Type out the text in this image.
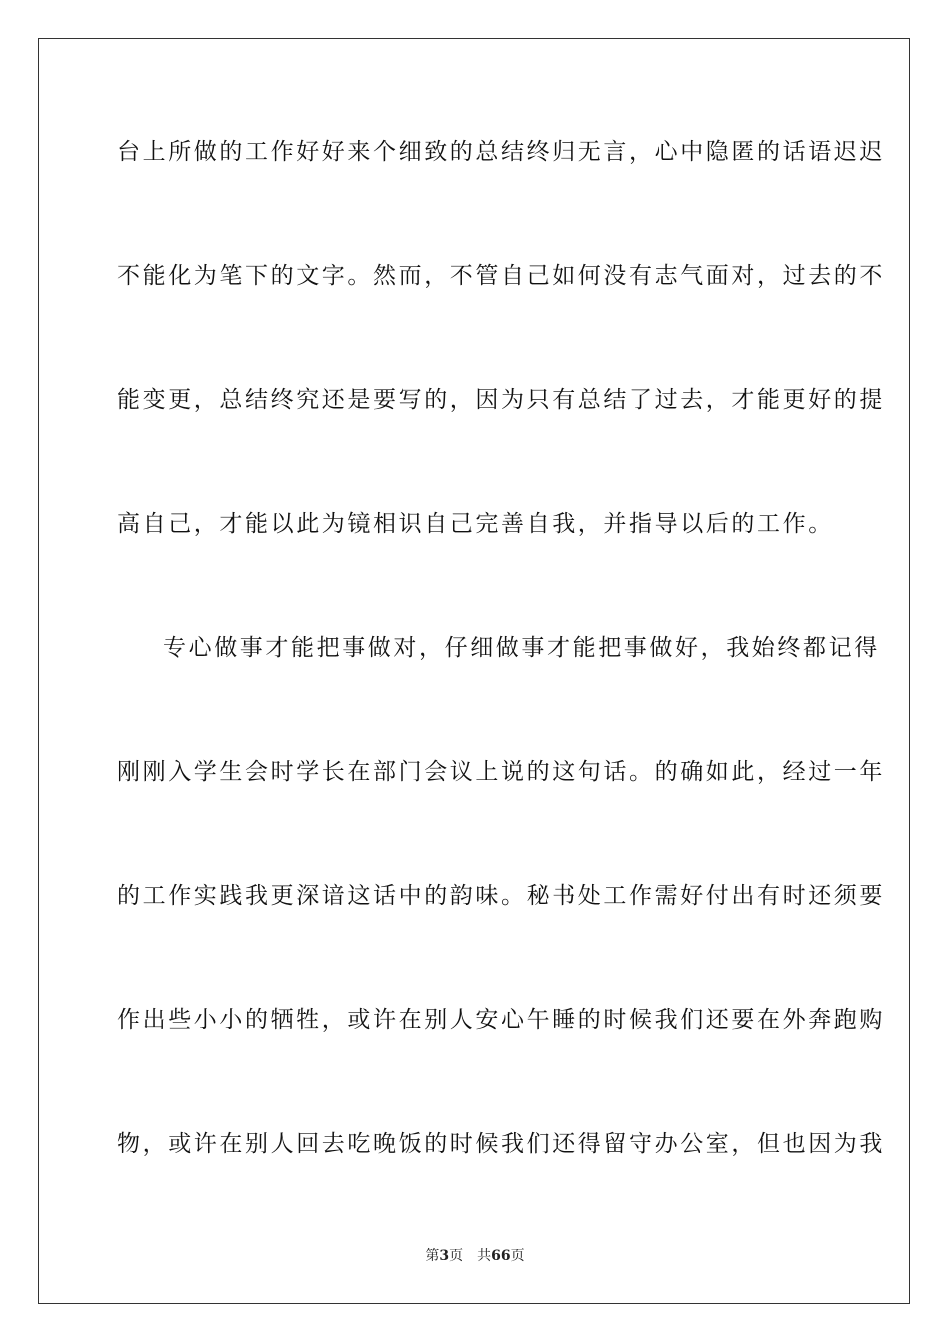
台上所做的工作好好来个细致的总结终归无言，心中隐匿的话语迟迟
不能化为笔下的文字。然而，不管自己如何没有志气面对，过去的不
能变更，总结终究还是要写的，因为只有总结了过去，才能更好的提
高自己，才能以此为镜相识自己完善自我，并指导以后的工作。
专心做事才能把事做对，仔细做事才能把事做好，我始终都记得
刚刚入学生会时学长在部门会议上说的这句话。的确如此，经过一年
的工作实践我更深谙这话中的韵味。秘书处工作需好付出有时还须要
作出些小小的牺牲，或许在别人安心午睡的时候我们还要在外奔跑购
物，或许在别人回去吃晚饭的时候我们还得留守办公室，但也因为我
第3页 共66页
